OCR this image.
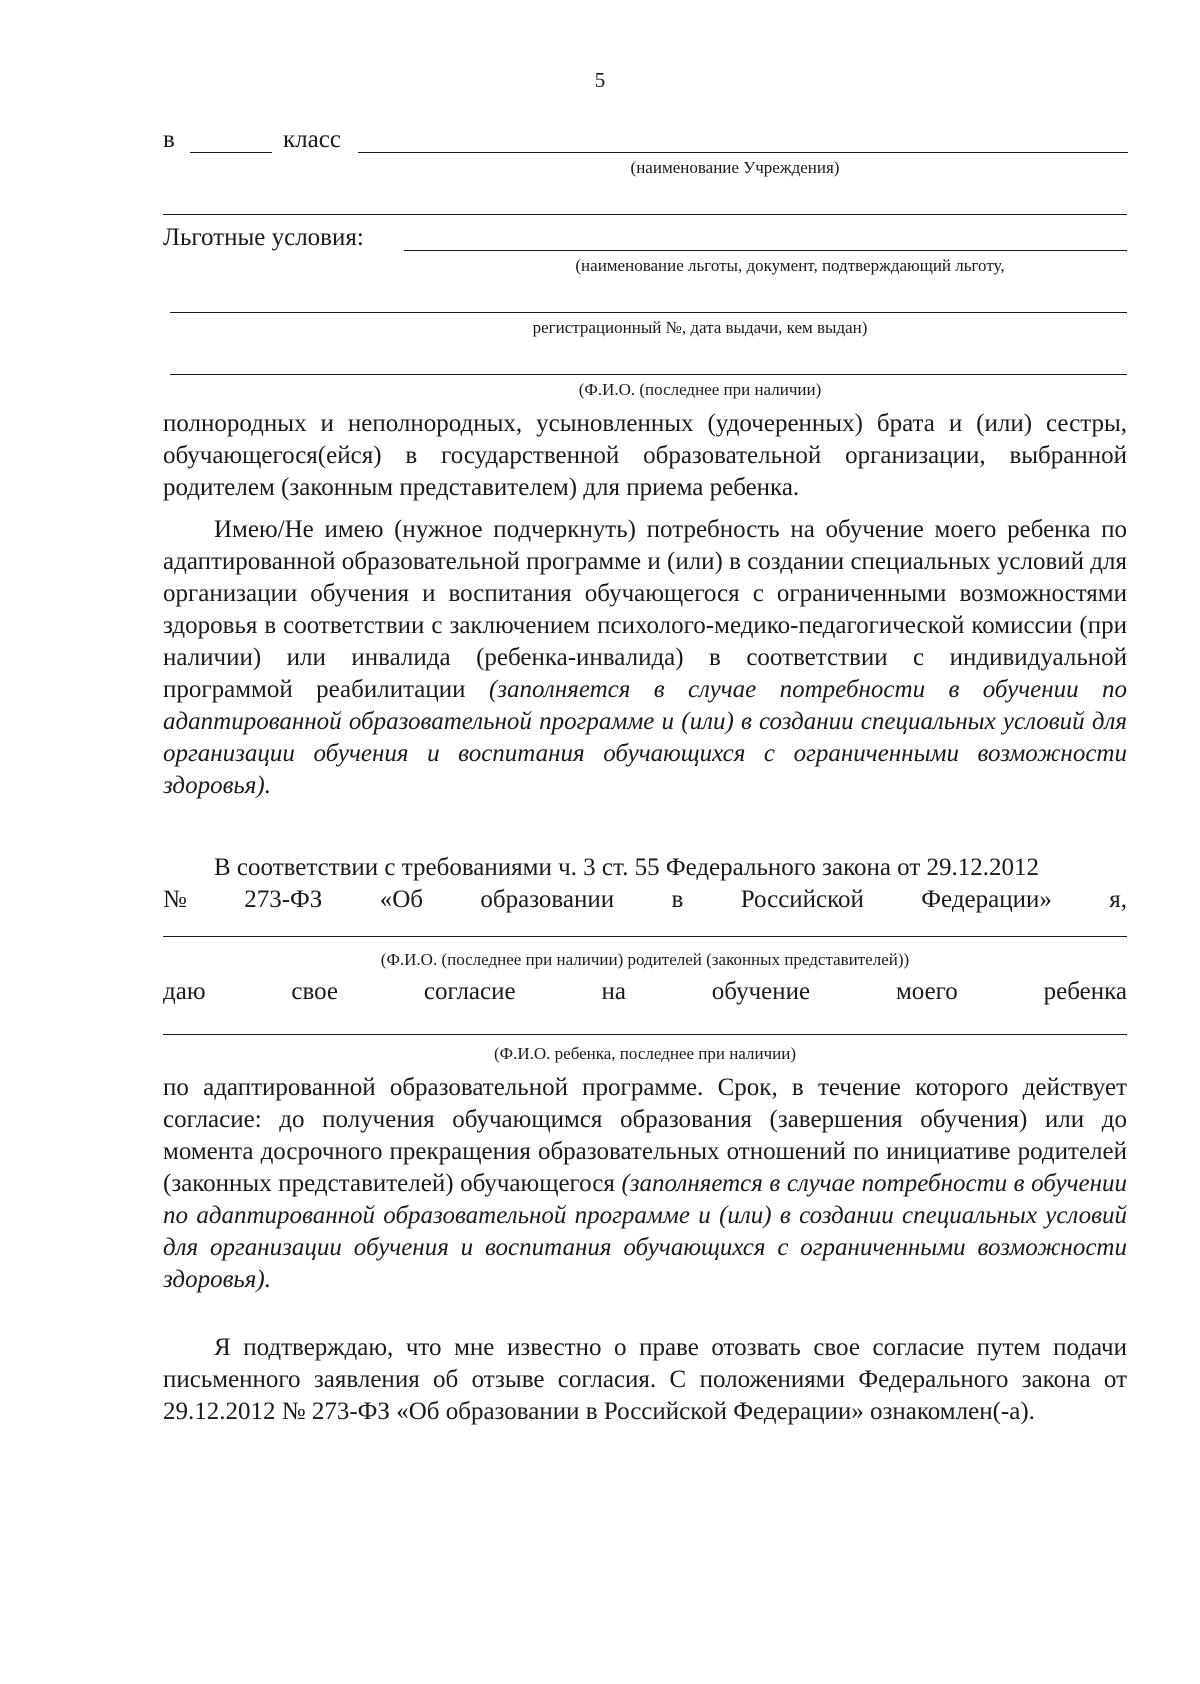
5
в	класс
(наименование Учреждения)
Льготные условия:
(наименование льготы, документ, подтверждающий льготу,
регистрационный №, дата выдачи, кем выдан)
(Ф.И.О. (последнее при наличии)

полнородных и неполнородных, усыновленных (удочеренных) брата и (или) сестры, обучающегося(ейся) в государственной образовательной организации, выбранной родителем (законным представителем) для приема ребенка.

Имею/Не имею (нужное подчеркнуть) потребность на обучение моего ребенка по адаптированной образовательной программе и (или) в создании специальных условий для организации обучения и воспитания обучающегося с ограниченными возможностями здоровья в соответствии с заключением психолого-медико-педагогической комиссии (при наличии) или инвалида (ребенка-инвалида) в соответствии с индивидуальной программой реабилитации (заполняется в случае потребности в обучении по адаптированной образовательной программе и (или) в создании специальных условий для организации обучения и воспитания обучающихся с ограниченными возможности здоровья).

В соответствии с требованиями ч. 3 ст. 55 Федерального закона от 29.12.2012

№ 273-ФЗ «Об образовании в Российской Федерации» я,
(Ф.И.О. (последнее при наличии) родителей (законных представителей))
даю	свое	согласие	на	обучение	моего	ребенка
(Ф.И.О. ребенка, последнее при наличии)

по адаптированной образовательной программе. Срок, в течение которого действует согласие: до получения обучающимся образования (завершения обучения) или до момента досрочного прекращения образовательных отношений по инициативе родителей (законных представителей) обучающегося (заполняется в случае потребности в обучении по адаптированной образовательной программе и (или) в создании специальных условий для организации обучения и воспитания обучающихся с ограниченными возможности здоровья).

Я подтверждаю, что мне известно о праве отозвать свое согласие путем подачи письменного заявления об отзыве согласия. С положениями Федерального закона от 29.12.2012 № 273-ФЗ «Об образовании в Российской Федерации» ознакомлен(-а).
